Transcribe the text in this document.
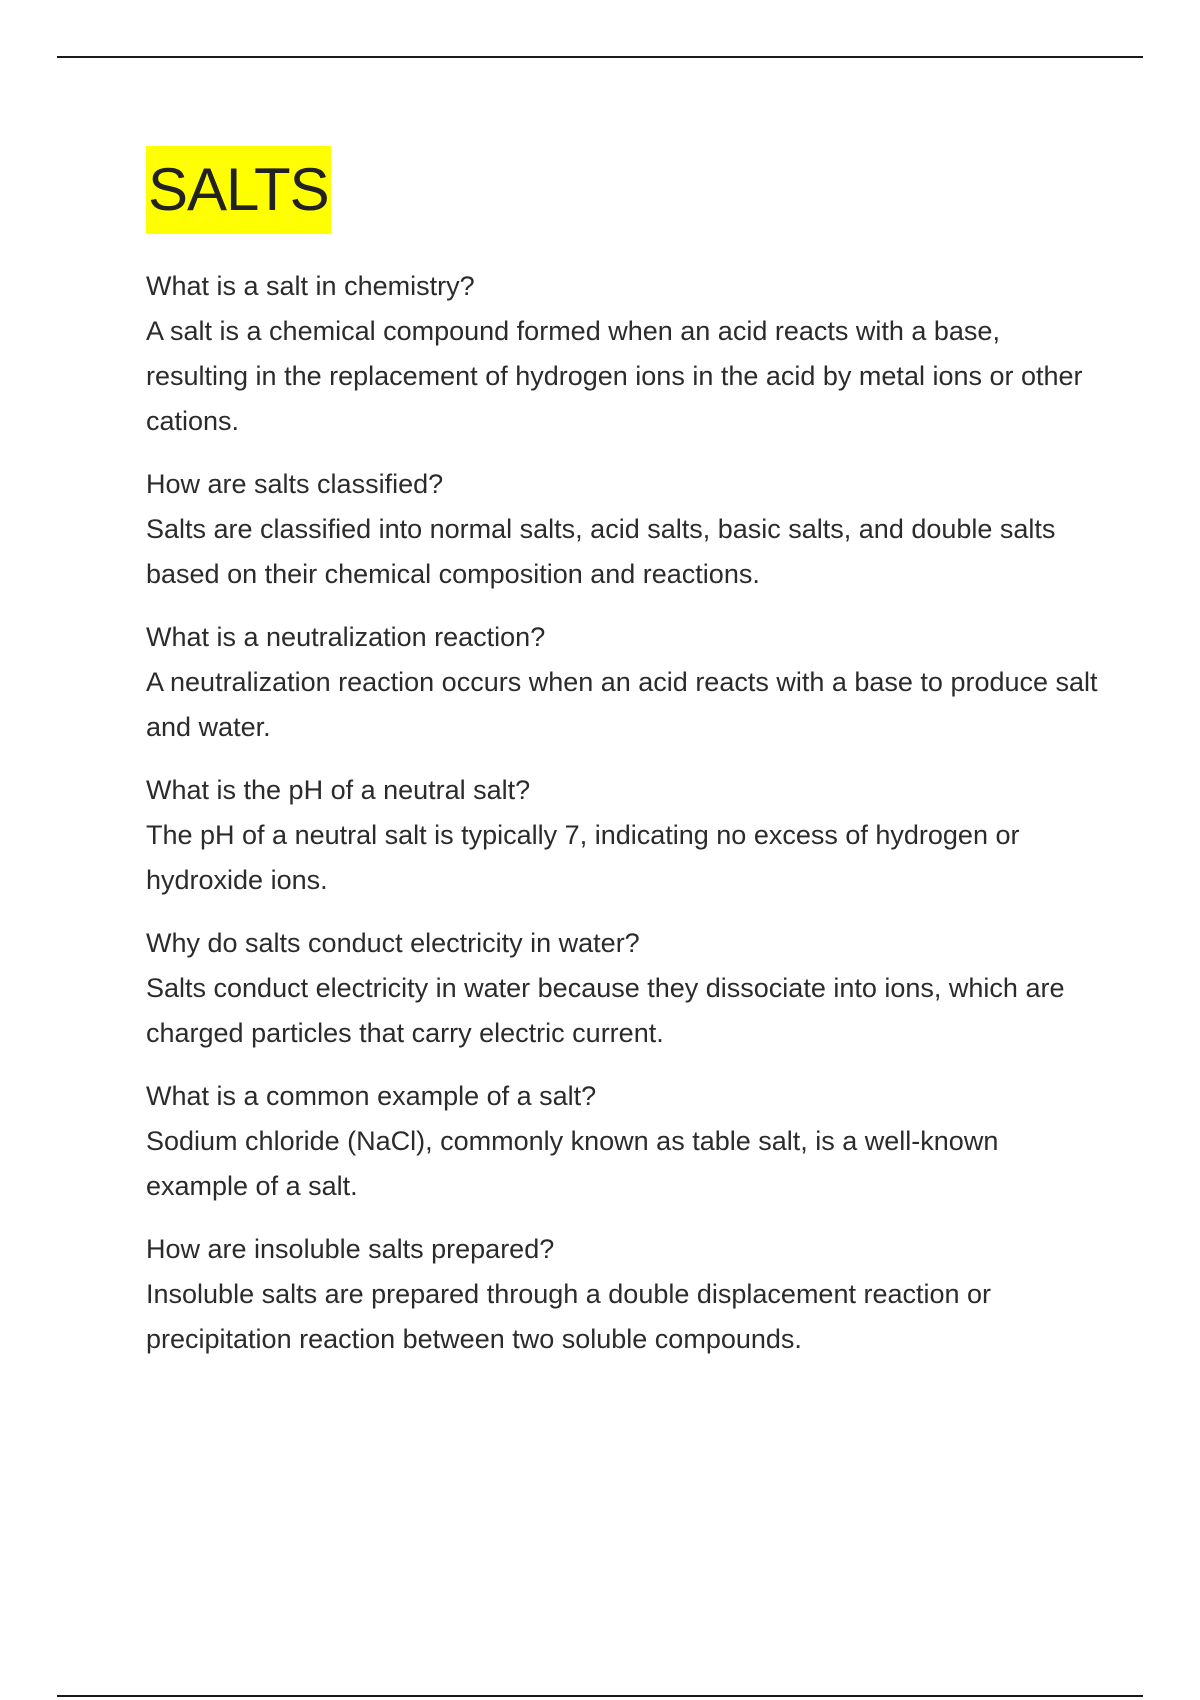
SALTS

What is a salt in chemistry?

A salt is a chemical compound formed when an acid reacts with a base, resulting in the replacement of hydrogen ions in the acid by metal ions or other cations.

How are salts classified?

Salts are classified into normal salts, acid salts, basic salts, and double salts based on their chemical composition and reactions.

What is a neutralization reaction?

A neutralization reaction occurs when an acid reacts with a base to produce salt and water.

What is the pH of a neutral salt?

The pH of a neutral salt is typically 7, indicating no excess of hydrogen or hydroxide ions.

Why do salts conduct electricity in water?

Salts conduct electricity in water because they dissociate into ions, which are charged particles that carry electric current.

What is a common example of a salt?

Sodium chloride (NaCl), commonly known as table salt, is a well-known example of a salt.

How are insoluble salts prepared?

Insoluble salts are prepared through a double displacement reaction or precipitation reaction between two soluble compounds.
